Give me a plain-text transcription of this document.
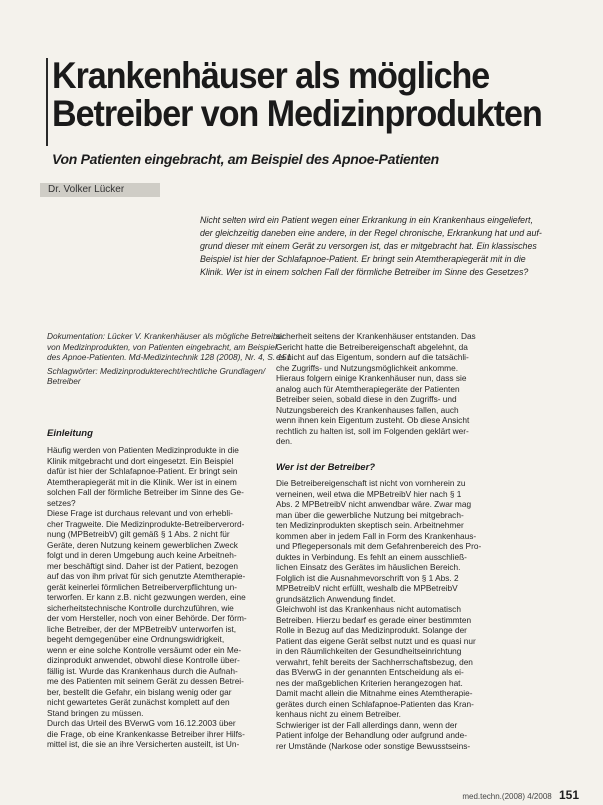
Krankenhäuser als mögliche
Betreiber von Medizinprodukten

Von Patienten eingebracht, am Beispiel des Apnoe-Patienten

Dr. Volker Lücker
Nicht selten wird ein Patient wegen einer Erkrankung in ein Krankenhaus eingeliefert,
der gleichzeitig daneben eine andere, in der Regel chronische, Erkrankung hat und auf-
grund dieser mit einem Gerät zu versorgen ist, das er mitgebracht hat. Ein klassisches
Beispiel ist hier der Schlafapnoe-Patient. Er bringt sein Atemtherapiegerät mit in die
Klinik. Wer ist in einem solchen Fall der förmliche Betreiber im Sinne des Gesetzes?
Dokumentation: Lücker V. Krankenhäuser als mögliche Betreiber
von Medizinprodukten, von Patienten eingebracht, am Beispiel
des Apnoe-Patienten. Md-Medizintechnik 128 (2008), Nr. 4, S. 151
Schlagwörter: Medizinprodukterecht/rechtliche Grundlagen/
Betreiber
Einleitung
Häufig werden von Patienten Medizinprodukte in die
Klinik mitgebracht und dort eingesetzt. Ein Beispiel
dafür ist hier der Schlafapnoe-Patient. Er bringt sein
Atemtherapiegerät mit in die Klinik. Wer ist in einem
solchen Fall der förmliche Betreiber im Sinne des Ge-
setzes?
Diese Frage ist durchaus relevant und von erhebli-
cher Tragweite. Die Medizinprodukte-Betreiberverord-
nung (MPBetreibV) gilt gemäß § 1 Abs. 2 nicht für
Geräte, deren Nutzung keinem gewerblichen Zweck
folgt und in deren Umgebung auch keine Arbeitneh-
mer beschäftigt sind. Daher ist der Patient, bezogen
auf das von ihm privat für sich genutzte Atemtherapie-
gerät keinerlei förmlichen Betreiberverpflichtung un-
terworfen. Er kann z.B. nicht gezwungen werden, eine
sicherheitstechnische Kontrolle durchzuführen, wie
der vom Hersteller, noch von einer Behörde. Der förm-
liche Betreiber, der der MPBetreibV unterworfen ist,
begeht demgegenüber eine Ordnungswidrigkeit,
wenn er eine solche Kontrolle versäumt oder ein Me-
dizinprodukt anwendet, obwohl diese Kontrolle über-
fällig ist. Wurde das Krankenhaus durch die Aufnah-
me des Patienten mit seinem Gerät zu dessen Betrei-
ber, bestellt die Gefahr, ein bislang wenig oder gar
nicht gewartetes Gerät zunächst komplett auf den
Stand bringen zu müssen.
Durch das Urteil des BVerwG vom 16.12.2003 über
die Frage, ob eine Krankenkasse Betreiber ihrer Hilfs-
mittel ist, die sie an ihre Versicherten austeilt, ist Un-
sicherheit seitens der Krankenhäuser entstanden. Das
Gericht hatte die Betreibereigenschaft abgelehnt, da
es nicht auf das Eigentum, sondern auf die tatsächli-
che Zugriffs- und Nutzungsmöglichkeit ankomme.
Hieraus folgern einige Krankenhäuser nun, dass sie
analog auch für Atemtherapiegeräte der Patienten
Betreiber seien, sobald diese in den Zugriffs- und
Nutzungsbereich des Krankenhauses fallen, auch
wenn ihnen kein Eigentum zusteht. Ob diese Ansicht
rechtlich zu halten ist, soll im Folgenden geklärt wer-
den.
Wer ist der Betreiber?
Die Betreibereigenschaft ist nicht von vornherein zu
verneinen, weil etwa die MPBetreibV hier nach § 1
Abs. 2 MPBetreibV nicht anwendbar wäre. Zwar mag
man über die gewerbliche Nutzung bei mitgebrach-
ten Medizinprodukten skeptisch sein. Arbeitnehmer
kommen aber in jedem Fall in Form des Krankenhaus-
und Pflegepersonals mit dem Gefahrenbereich des Pro-
duktes in Verbindung. Es fehlt an einem ausschließ-
lichen Einsatz des Gerätes im häuslichen Bereich.
Folglich ist die Ausnahmevorschrift von § 1 Abs. 2
MPBetreibV nicht erfüllt, weshalb die MPBetreibV
grundsätzlich Anwendung findet.
Gleichwohl ist das Krankenhaus nicht automatisch
Betreiben. Hierzu bedarf es gerade einer bestimmten
Rolle in Bezug auf das Medizinprodukt. Solange der
Patient das eigene Gerät selbst nutzt und es quasi nur
in den Räumlichkeiten der Gesundheitseinrichtung
verwahrt, fehlt bereits der Sachherrschaftsbezug, den
das BVerwG in der genannten Entscheidung als ei-
nes der maßgeblichen Kriterien herangezogen hat.
Damit macht allein die Mitnahme eines Atemtherapie-
gerätes durch einen Schlafapnoe-Patienten das Kran-
kenhaus nicht zu einem Betreiber.
Schwieriger ist der Fall allerdings dann, wenn der
Patient infolge der Behandlung oder aufgrund ande-
rer Umstände (Narkose oder sonstige Bewusstseins-
med.techn.(2008) 4/2008 151
